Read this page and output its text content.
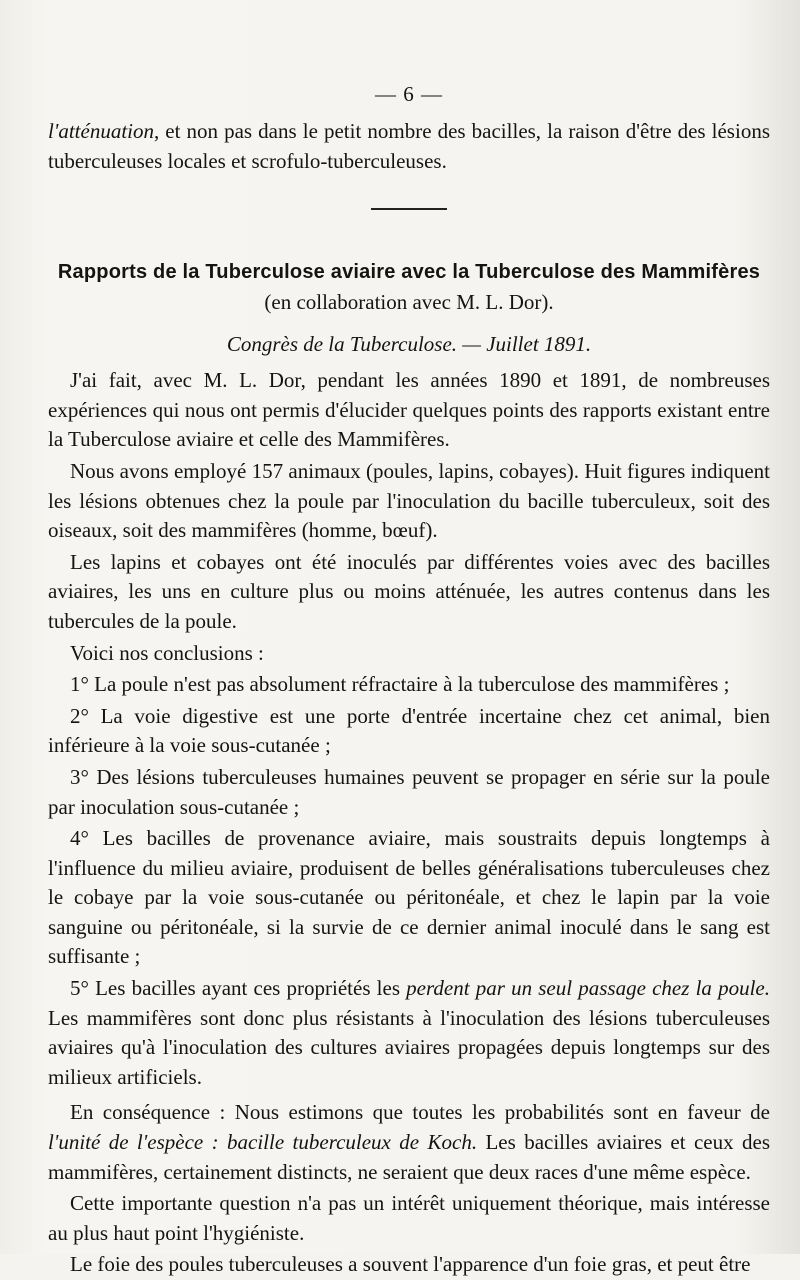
— 6 —

l'atténuation, et non pas dans le petit nombre des bacilles, la raison d'être des lésions tuberculeuses locales et scrofulo-tuberculeuses.

Rapports de la Tuberculose aviaire avec la Tuberculose des Mammifères
(en collaboration avec M. L. Dor).
Congrès de la Tuberculose. — Juillet 1891.

J'ai fait, avec M. L. Dor, pendant les années 1890 et 1891, de nombreuses expériences qui nous ont permis d'élucider quelques points des rapports existant entre la Tuberculose aviaire et celle des Mammifères.

Nous avons employé 157 animaux (poules, lapins, cobayes). Huit figures indiquent les lésions obtenues chez la poule par l'inoculation du bacille tuberculeux, soit des oiseaux, soit des mammifères (homme, bœuf).

Les lapins et cobayes ont été inoculés par différentes voies avec des bacilles aviaires, les uns en culture plus ou moins atténuée, les autres contenus dans les tubercules de la poule.

Voici nos conclusions :

1° La poule n'est pas absolument réfractaire à la tuberculose des mammifères ;

2° La voie digestive est une porte d'entrée incertaine chez cet animal, bien inférieure à la voie sous-cutanée ;

3° Des lésions tuberculeuses humaines peuvent se propager en série sur la poule par inoculation sous-cutanée ;

4° Les bacilles de provenance aviaire, mais soustraits depuis longtemps à l'influence du milieu aviaire, produisent de belles généralisations tuberculeuses chez le cobaye par la voie sous-cutanée ou péritonéale, et chez le lapin par la voie sanguine ou péritonéale, si la survie de ce dernier animal inoculé dans le sang est suffisante ;

5° Les bacilles ayant ces propriétés les perdent par un seul passage chez la poule. Les mammifères sont donc plus résistants à l'inoculation des lésions tuberculeuses aviaires qu'à l'inoculation des cultures aviaires propagées depuis longtemps sur des milieux artificiels.

En conséquence : Nous estimons que toutes les probabilités sont en faveur de l'unité de l'espèce : bacille tuberculeux de Koch. Les bacilles aviaires et ceux des mammifères, certainement distincts, ne seraient que deux races d'une même espèce.

Cette importante question n'a pas un intérêt uniquement théorique, mais intéresse au plus haut point l'hygiéniste.

Le foie des poules tuberculeuses a souvent l'apparence d'un foie gras, et peut être
